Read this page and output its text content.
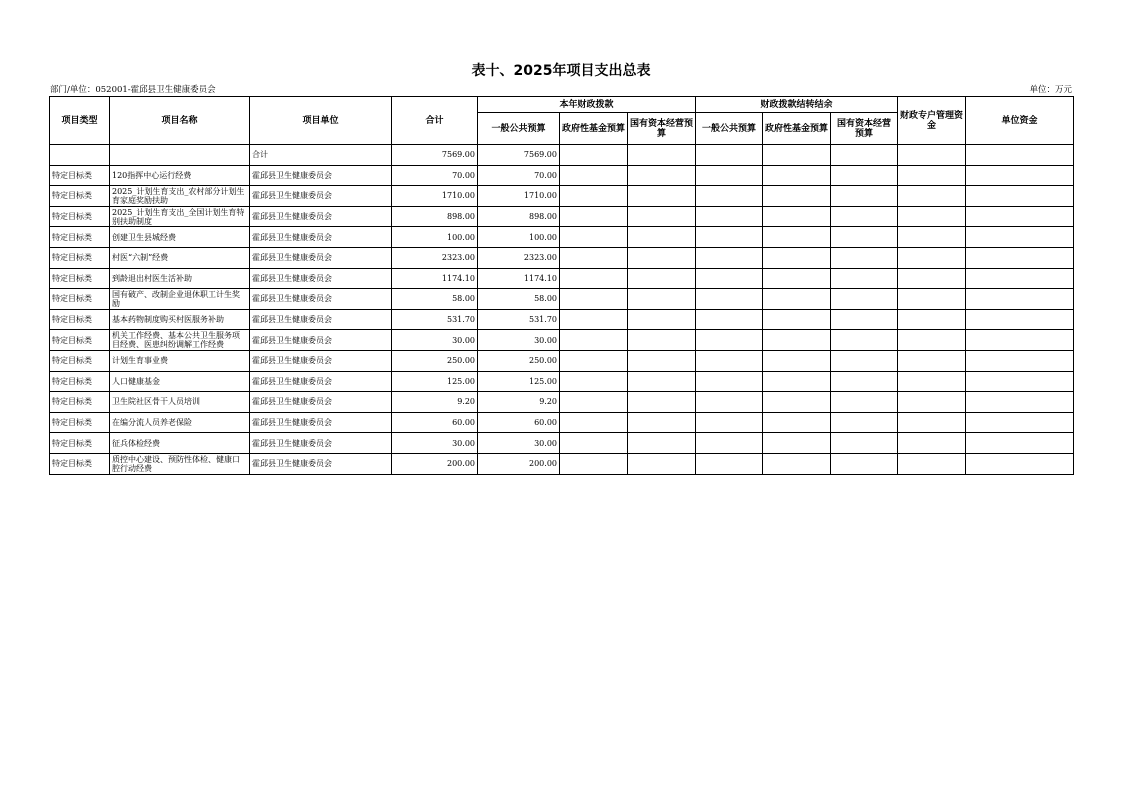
表十、2025年项目支出总表
部门/单位：052001-霍邱县卫生健康委员会	单位：万元
项目类型	项目名称	项目单位	合计	本年财政拨款			财政拨款结转结余			财政专户管理资金	单位资金
				一般公共预算	政府性基金预算	国有资本经营预算	一般公共预算	政府性基金预算	国有资本经营预算		
		合计	7569.00	7569.00							
特定目标类	120指挥中心运行经费	霍邱县卫生健康委员会	70.00	70.00							
特定目标类	2025_计划生育支出_农村部分计划生育家庭奖励扶助	霍邱县卫生健康委员会	1710.00	1710.00							
特定目标类	2025_计划生育支出_全国计划生育特别扶助制度	霍邱县卫生健康委员会	898.00	898.00							
特定目标类	创建卫生县城经费	霍邱县卫生健康委员会	100.00	100.00							
特定目标类	村医“六制”经费	霍邱县卫生健康委员会	2323.00	2323.00							
特定目标类	到龄退出村医生活补助	霍邱县卫生健康委员会	1174.10	1174.10							
特定目标类	国有破产、改制企业退休职工计生奖励	霍邱县卫生健康委员会	58.00	58.00							
特定目标类	基本药物制度购买村医服务补助	霍邱县卫生健康委员会	531.70	531.70							
特定目标类	机关工作经费、基本公共卫生服务项目经费、医患纠纷调解工作经费	霍邱县卫生健康委员会	30.00	30.00							
特定目标类	计划生育事业费	霍邱县卫生健康委员会	250.00	250.00							
特定目标类	人口健康基金	霍邱县卫生健康委员会	125.00	125.00							
特定目标类	卫生院社区骨干人员培训	霍邱县卫生健康委员会	9.20	9.20							
特定目标类	在编分流人员养老保险	霍邱县卫生健康委员会	60.00	60.00							
特定目标类	征兵体检经费	霍邱县卫生健康委员会	30.00	30.00							
特定目标类	质控中心建设、预防性体检、健康口腔行动经费	霍邱县卫生健康委员会	200.00	200.00							
